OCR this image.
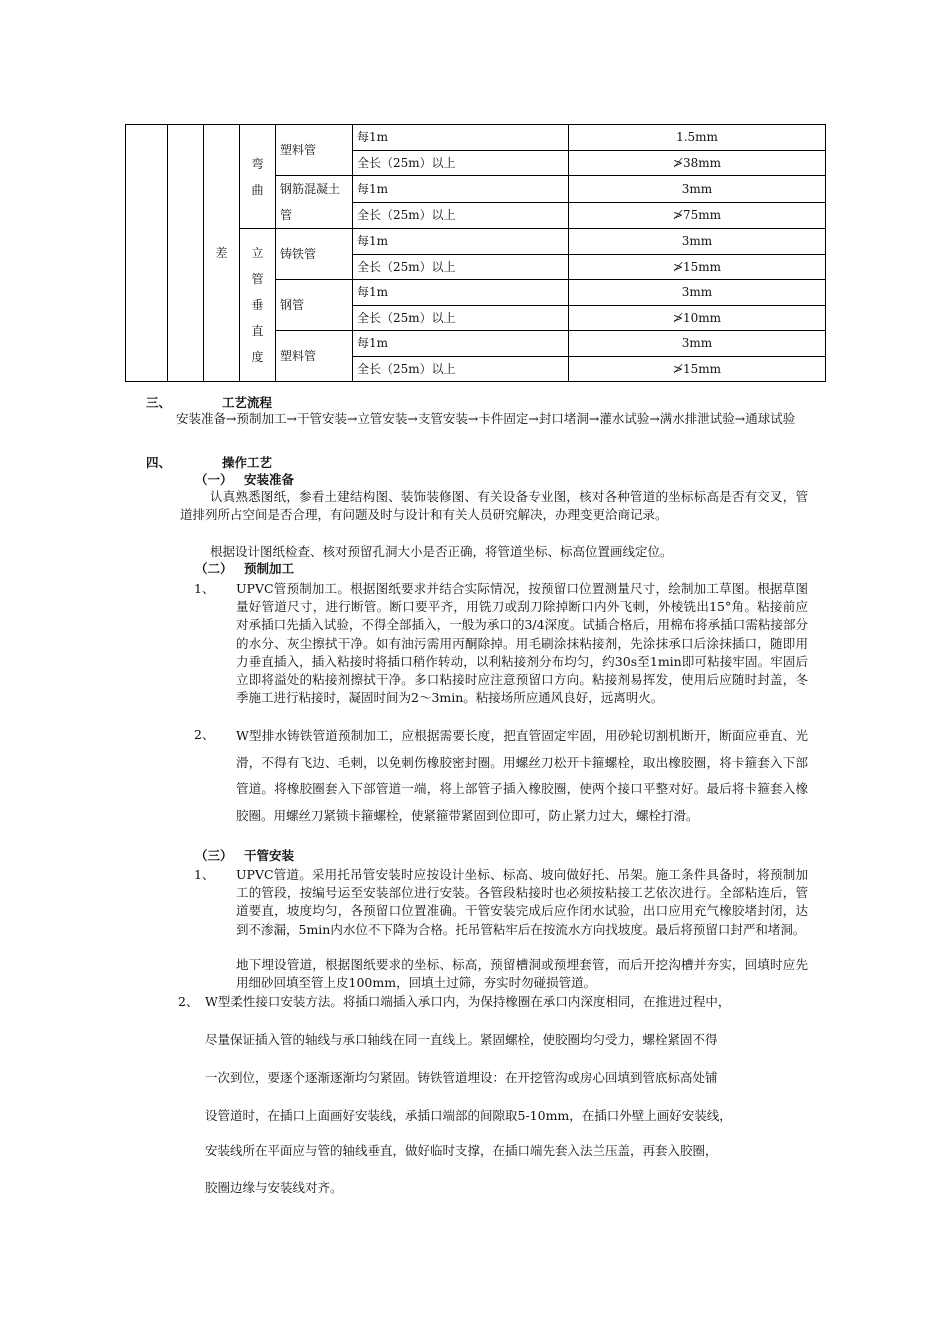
		差	弯曲	塑料管	每1m	1.5mm
					全长（25m）以上	≯38mm
				钢筋混凝土管	每1m	3mm
					全长（25m）以上	≯75mm
			立管垂直度	铸铁管	每1m	3mm
					全长（25m）以上	≯15mm
				钢管	每1m	3mm
					全长（25m）以上	≯10mm
				塑料管	每1m	3mm
					全长（25m）以上	≯15mm
三、	工艺流程
安装准备→预制加工→干管安装→立管安装→支管安装→卡件固定→封口堵洞→灌水试验→满水排泄试验→通球试验
四、	操作工艺
（一） 安装准备
认真熟悉图纸，参看土建结构图、装饰装修图、有关设备专业图，核对各种管道的坐标标高是否有交叉，管道排列所占空间是否合理，有问题及时与设计和有关人员研究解决，办理变更洽商记录。
根据设计图纸检查、核对预留孔洞大小是否正确，将管道坐标、标高位置画线定位。
（二） 预制加工
1、 UPVC管预制加工。根据图纸要求并结合实际情况，按预留口位置测量尺寸，绘制加工草图。根据草图量好管道尺寸，进行断管。断口要平齐，用铣刀或刮刀除掉断口内外飞刺，外棱铣出15°角。粘接前应对承插口先插入试验，不得全部插入，一般为承口的3/4深度。试插合格后，用棉布将承插口需粘接部分的水分、灰尘擦拭干净。如有油污需用丙酮除掉。用毛刷涂抹粘接剂，先涂抹承口后涂抹插口，随即用力垂直插入，插入粘接时将插口稍作转动，以利粘接剂分布均匀，约30s至1min即可粘接牢固。牢固后立即将溢处的粘接剂擦拭干净。多口粘接时应注意预留口方向。粘接剂易挥发，使用后应随时封盖，冬季施工进行粘接时，凝固时间为2～3min。粘接场所应通风良好，远离明火。
2、 W型排水铸铁管道预制加工，应根据需要长度，把直管固定牢固，用砂轮切割机断开，断面应垂直、光滑，不得有飞边、毛刺，以免刺伤橡胶密封圈。用螺丝刀松开卡箍螺栓，取出橡胶圈，将卡箍套入下部管道。将橡胶圈套入下部管道一端，将上部管子插入橡胶圈，使两个接口平整对好。最后将卡箍套入橡胶圈。用螺丝刀紧锁卡箍螺栓，使紧箍带紧固到位即可，防止紧力过大，螺栓打滑。
（三） 干管安装
1、 UPVC管道。采用托吊管安装时应按设计坐标、标高、坡向做好托、吊架。施工条件具备时，将预制加工的管段，按编号运至安装部位进行安装。各管段粘接时也必须按粘接工艺依次进行。全部粘连后，管道要直，坡度均匀，各预留口位置准确。干管安装完成后应作闭水试验，出口应用充气橡胶堵封闭，达到不渗漏，5min内水位不下降为合格。托吊管粘牢后在按流水方向找坡度。最后将预留口封严和堵洞。
地下埋设管道，根据图纸要求的坐标、标高，预留槽洞或预埋套管，而后开挖沟槽并夯实，回填时应先用细砂回填至管上皮100mm，回填土过筛，夯实时勿碰损管道。
2、 W型柔性接口安装方法。将插口端插入承口内，为保持橡圈在承口内深度相同，在推进过程中，
尽量保证插入管的轴线与承口轴线在同一直线上。紧固螺栓，使胶圈均匀受力，螺栓紧固不得
一次到位，要逐个逐渐逐渐均匀紧固。铸铁管道埋设：在开挖管沟或房心回填到管底标高处铺
设管道时，在插口上面画好安装线，承插口端部的间隙取5-10mm，在插口外壁上画好安装线，
安装线所在平面应与管的轴线垂直，做好临时支撑，在插口端先套入法兰压盖，再套入胶圈，
胶圈边缘与安装线对齐。
